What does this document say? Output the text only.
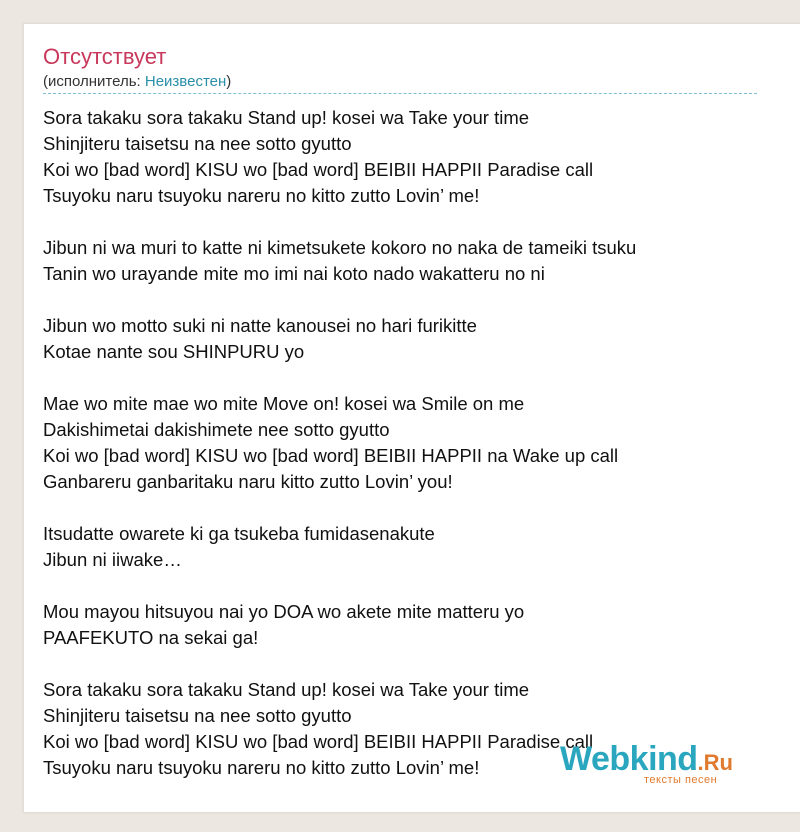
Отсутствует
(исполнитель: Неизвестен)
Sora takaku sora takaku Stand up! kosei wa Take your time
Shinjiteru taisetsu na nee sotto gyutto
Koi wo [bad word] KISU wo [bad word] BEIBII HAPPII Paradise call
Tsuyoku naru tsuyoku nareru no kitto zutto Lovin’ me!
Jibun ni wa muri to katte ni kimetsukete kokoro no naka de tameiki tsuku
Tanin wo urayande mite mo imi nai koto nado wakatteru no ni
Jibun wo motto suki ni natte kanousei no hari furikitte
Kotae nante sou SHINPURU yo
Mae wo mite mae wo mite Move on! kosei wa Smile on me
Dakishimetai dakishimete nee sotto gyutto
Koi wo [bad word] KISU wo [bad word] BEIBII HAPPII na Wake up call
Ganbareru ganbaritaku naru kitto zutto Lovin’ you!
Itsudatte owarete ki ga tsukeba fumidasenakute
Jibun ni iiwake…
Mou mayou hitsuyou nai yo DOA wo akete mite matteru yo
PAAFEKUTO na sekai ga!
Sora takaku sora takaku Stand up! kosei wa Take your time
Shinjiteru taisetsu na nee sotto gyutto
Koi wo [bad word] KISU wo [bad word] BEIBII HAPPII Paradise call
Tsuyoku naru tsuyoku nareru no kitto zutto Lovin’ me!	Webkind.Ru
тексты песен
